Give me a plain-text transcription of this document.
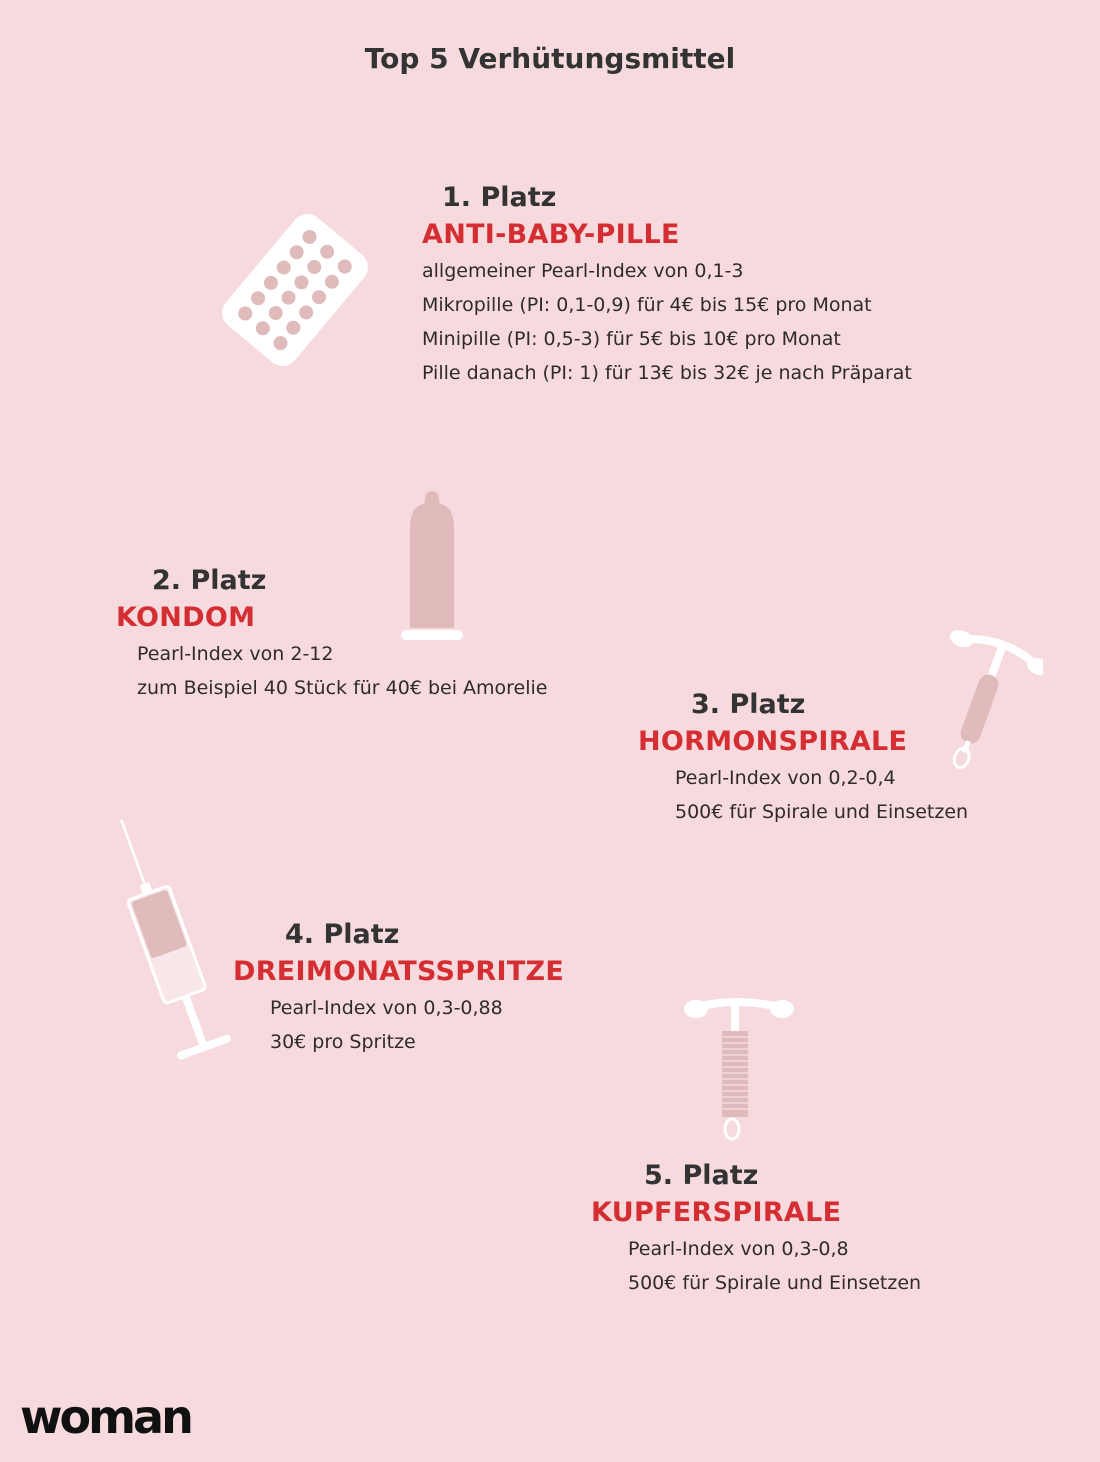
Top 5 Verhütungsmittel

1. Platz

ANTI-BABY-PILLE

allgemeiner Pearl-Index von 0,1-3

Mikropille (PI: 0,1-0,9) für 4€ bis 15€ pro Monat

Minipille (PI: 0,5-3) für 5€ bis 10€ pro Monat

Pille danach (PI: 1) für 13€ bis 32€ je nach Präparat

2. Platz

KONDOM

Pearl-Index von 2-12

zum Beispiel 40 Stück für 40€ bei Amorelie

3. Platz

HORMONSPIRALE

Pearl-Index von 0,2-0,4

500€ für Spirale und Einsetzen

4. Platz

DREIMONATSSPRITZE

Pearl-Index von 0,3-0,88

30€ pro Spritze

5. Platz

KUPFERSPIRALE

Pearl-Index von 0,3-0,8

500€ für Spirale und Einsetzen

woman
